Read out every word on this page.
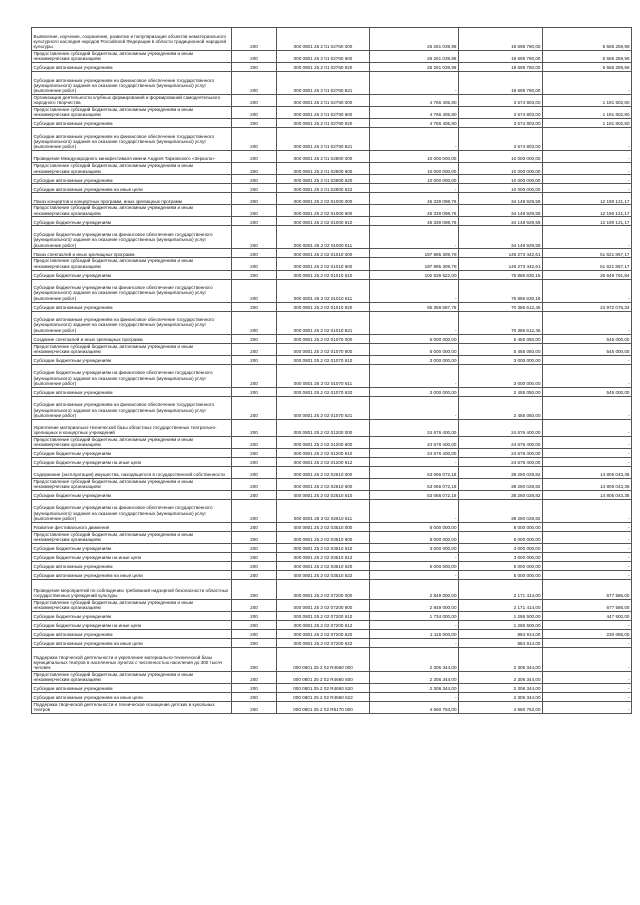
Выявление, изучение, сохранение, развитие и популяризация объектов нематериального культурного наследия народов Российской Федерации в области традиционной народной культуры	200	000 0801 25 2 01 02760 000	26 261 039,98	19 695 780,00	6 565 259,98
Предоставление субсидий бюджетным, автономным учреждениям и иным некоммерческим организациям	200	000 0801 25 2 01 02760 600	26 261 039,98	19 695 780,00	6 565 259,98
Субсидии автономным учреждениям	200	000 0801 25 2 01 02760 620	26 261 039,98	19 695 780,00	6 565 259,98
Субсидии автономным учреждениям на финансовое обеспечение государственного (муниципального) задания на оказание государственных (муниципальных) услуг (выполнение работ)	200	000 0801 25 2 01 02760 621	-	19 695 780,00	-
Организация деятельности клубных формирований и формирований самодеятельного народного творчества	200	000 0801 25 2 01 02790 000	4 766 405,80	3 574 803,00	1 191 602,80
Предоставление субсидий бюджетным, автономным учреждениям и иным некоммерческим организациям	200	000 0801 25 2 01 02790 600	4 766 405,80	3 574 803,00	1 191 602,80
Субсидии автономным учреждениям	200	000 0801 25 2 01 02790 620	4 766 405,80	3 574 803,00	1 191 602,80
Субсидии автономным учреждениям на финансовое обеспечение государственного (муниципального) задания на оказание государственных (муниципальных) услуг (выполнение работ)	200	000 0801 25 2 01 02790 621	-	3 574 803,00	-
Проведение Международного кинофестиваля имени Андрея Тарковского «Зеркало»	200	000 0801 25 2 01 02800 000	10 000 000,00	10 000 000,00	-
Предоставление субсидий бюджетным, автономным учреждениям и иным некоммерческим организациям	200	000 0801 25 2 01 02800 600	10 000 000,00	10 000 000,00	-
Субсидии автономным учреждениям	200	000 0801 25 2 01 02800 620	10 000 000,00	10 000 000,00	-
Субсидии автономным учреждениям на иные цели	200	000 0801 25 2 01 02800 622	-	10 000 000,00	-
Показ концертов и концертных программ, иных зрелищных программ	200	000 0801 25 2 02 01000 000	46 339 098,76	34 148 929,59	12 190 121,17
Предоставление субсидий бюджетным, автономным учреждениям и иным некоммерческим организациям	200	000 0801 25 2 02 01000 600	46 339 098,76	34 148 929,59	12 190 121,17
Субсидии бюджетным учреждениям	200	000 0801 25 2 02 01000 610	46 339 098,76	34 148 929,59	12 190 121,17
Субсидии бюджетным учреждениям на финансовое обеспечение государственного (муниципального) задания на оказание государственных (муниципальных) услуг (выполнение работ)	200	000 0801 25 2 02 01000 611	-	34 148 929,59	-
Показ спектаклей и иных зрелищных программ	200	000 0801 25 2 02 01010 000	197 895 309,78	146 273 442,61	51 621 867,17
Предоставление субсидий бюджетным, автономным учреждениям и иным некоммерческим организациям	200	000 0801 25 2 02 01010 600	197 895 309,78	146 273 442,61	51 621 867,17
Субсидии бюджетным учреждениям	200	000 0801 25 2 02 01010 610	102 536 622,00	75 886 830,16	26 649 791,84
Субсидии бюджетным учреждениям на финансовое обеспечение государственного (муниципального) задания на оказание государственных (муниципальных) услуг (выполнение работ)	200	000 0801 25 2 02 01010 611	-	75 886 830,16	-
Субсидии автономным учреждениям	200	000 0801 25 2 02 01010 620	95 358 687,78	70 386 612,45	24 972 075,33
Субсидии автономным учреждениям на финансовое обеспечение государственного (муниципального) задания на оказание государственных (муниципальных) услуг (выполнение работ)	200	000 0801 25 2 02 01010 621	-	70 386 612,45	-
Создание спектаклей и иных зрелищных программ	200	000 0801 25 2 02 01070 000	6 000 000,00	5 455 050,00	545 000,00
Предоставление субсидий бюджетным, автономным учреждениям и иным некоммерческим организациям	200	000 0801 25 2 02 01070 600	6 000 000,00	5 455 050,00	545 000,00
Субсидии бюджетным учреждениям	200	000 0801 25 2 02 01070 610	3 000 000,00	3 000 000,00	-
Субсидии бюджетным учреждениям на финансовое обеспечение государственного (муниципального) задания на оказание государственных (муниципальных) услуг (выполнение работ)	200	000 0801 25 2 02 01070 611	-	3 000 000,00	-
Субсидии автономным учреждениям	200	000 0801 25 2 02 01070 620	3 000 000,00	2 455 050,00	545 000,00
Субсидии автономным учреждениям на финансовое обеспечение государственного (муниципального) задания на оказание государственных (муниципальных) услуг (выполнение работ)	200	000 0801 25 2 02 01070 621	-	2 455 050,00	-
Укрепление материально-технической базы областных государственных театрально-зрелищных и концертных учреждений	200	000 0801 25 2 02 01200 000	24 676 400,00	24 676 400,00	-
Предоставление субсидий бюджетным, автономным учреждениям и иным некоммерческим организациям	200	000 0801 25 2 02 01200 600	24 676 400,00	24 676 400,00	-
Субсидии бюджетным учреждениям	200	000 0801 25 2 02 01200 610	24 676 400,00	24 676 400,00	-
Субсидии бюджетным учреждениям на иные цели	200	000 0801 25 2 02 01200 612	-	24 676 400,00	-
Содержание (эксплуатация) имущества, находящегося в государственной собственности	200	000 0801 25 2 02 02610 000	53 066 072,18	38 260 028,82	14 805 043,36
Предоставление субсидий бюджетным, автономным учреждениям и иным некоммерческим организациям	200	000 0801 25 2 02 02610 600	53 066 072,18	38 260 028,82	14 805 043,36
Субсидии бюджетным учреждениям	200	000 0801 25 2 02 02610 610	53 066 072,18	38 260 028,82	14 805 043,36
Субсидии бюджетным учреждениям на финансовое обеспечение государственного (муниципального) задания на оказание государственных (муниципальных) услуг (выполнение работ)	200	000 0801 25 2 02 02610 611	-	38 260 028,82	-
Развитие фестивального движения	200	000 0801 25 2 02 03510 000	8 000 000,00	8 000 000,00	-
Предоставление субсидий бюджетным, автономным учреждениям и иным некоммерческим организациям	200	000 0801 25 2 02 03510 600	8 000 000,00	8 000 000,00	-
Субсидии бюджетным учреждениям	200	000 0801 25 2 02 03510 610	3 000 000,00	3 000 000,00	-
Субсидии бюджетным учреждениям на иные цели	200	000 0801 25 2 02 03510 612	-	3 000 000,00	-
Субсидии автономным учреждениям	200	000 0801 25 2 02 03510 620	5 000 000,00	5 000 000,00	-
Субсидии автономным учреждениям на иные цели	200	000 0801 25 2 02 03510 622	-	5 000 000,00	-
Проведение мероприятий по соблюдению требований надзорной безопасности областных государственных учреждений культуры	200	000 0801 25 2 02 07200 000	2 849 000,00	2 171 414,00	677 586,00
Предоставление субсидий бюджетным, автономным учреждениям и иным некоммерческим организациям	200	000 0801 25 2 02 07200 600	2 849 000,00	2 171 414,00	677 586,00
Субсидии бюджетным учреждениям	200	000 0801 25 2 02 07200 610	1 734 000,00	1 286 500,00	447 500,00
Субсидии бюджетным учреждениям на иные цели	200	000 0801 25 2 02 07200 612	-	1 286 500,00	-
Субсидии автономным учреждениям	200	000 0801 25 2 02 07200 620	1 115 000,00	884 914,00	230 086,00
Субсидии автономным учреждениям на иные цели	200	000 0801 25 2 02 07200 622	-	884 914,00	-
Поддержка творческой деятельности и укрепление материально-технической базы муниципальных театров в населенных пунктах с численностью населения до 300 тысяч человек	200	000 0801 25 2 02 R4660 000	2 306 344,00	2 306 344,00	-
Предоставление субсидий бюджетным, автономным учреждениям и иным некоммерческим организациям	200	000 0801 25 2 02 R4660 600	2 306 344,00	2 306 344,00	-
Субсидии автономным учреждениям	200	000 0801 25 2 02 R4660 620	2 306 344,00	2 306 344,00	-
Субсидии автономным учреждениям на иные цели	200	000 0801 25 2 02 R4660 622	-	2 306 344,00	-
Поддержка творческой деятельности и техническое оснащение детских и кукольных театров	200	000 0801 25 2 02 R5170 000	4 660 753,00	4 660 753,00	-
